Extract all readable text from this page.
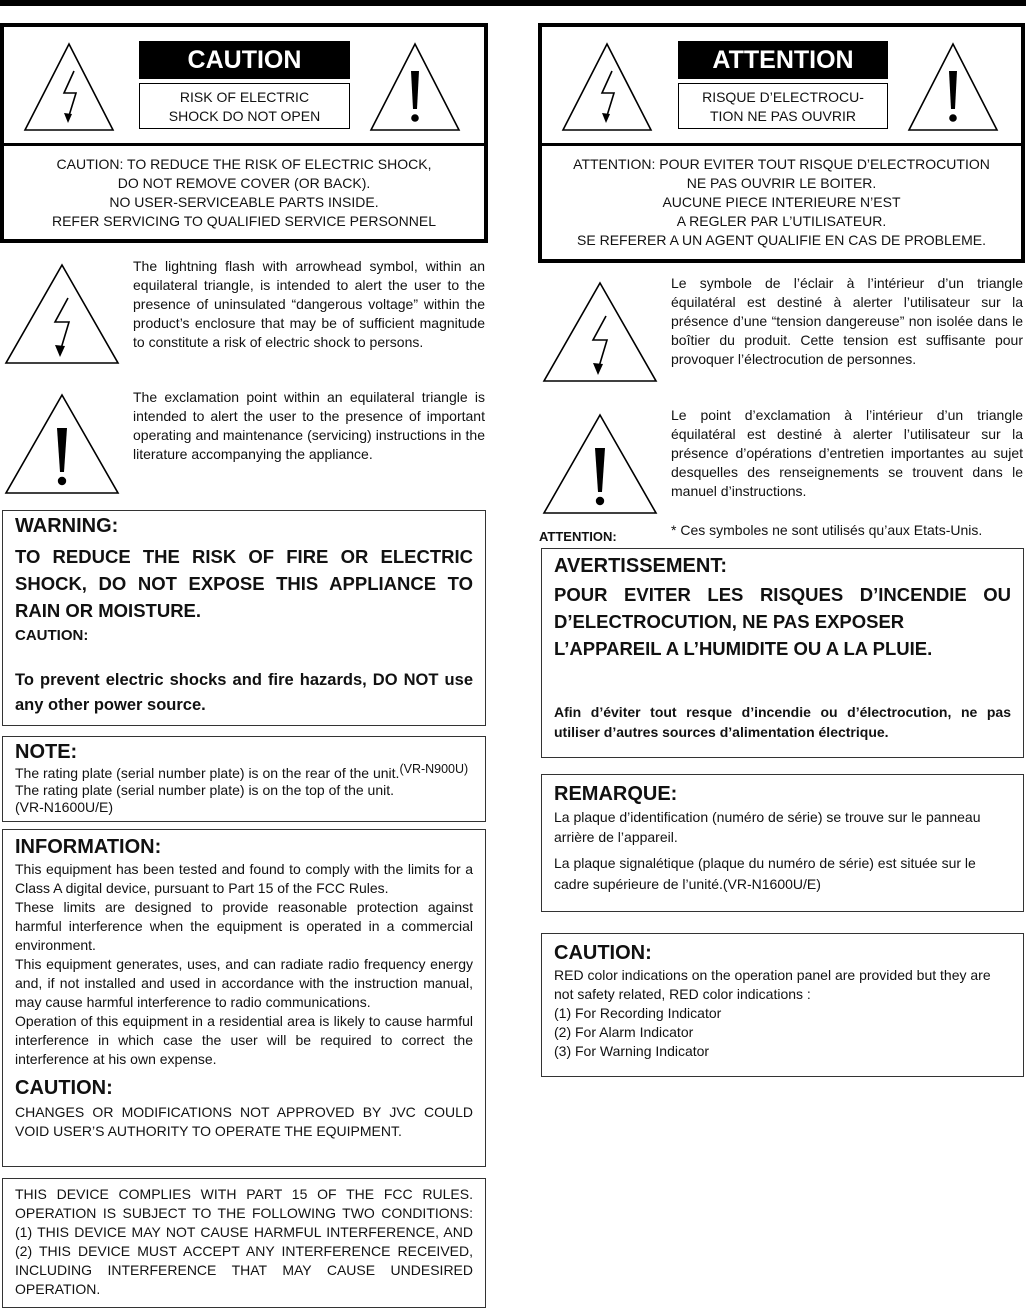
CAUTION
RISK OF ELECTRIC
SHOCK DO NOT OPEN
CAUTION: TO REDUCE THE RISK OF ELECTRIC SHOCK,
DO NOT REMOVE COVER (OR BACK).
NO USER-SERVICEABLE PARTS INSIDE.
REFER SERVICING TO QUALIFIED SERVICE PERSONNEL
The lightning flash with arrowhead symbol, within an equilateral triangle, is intended to alert the user to the presence of uninsulated “dangerous voltage” within the product’s enclosure that may be of sufficient magnitude to constitute a risk of electric shock to persons.
The exclamation point within an equilateral triangle is intended to alert the user to the presence of important operating and maintenance (servicing) instructions in the literature accompanying the appliance.
WARNING:
TO REDUCE THE RISK OF FIRE OR ELECTRIC SHOCK, DO NOT EXPOSE THIS APPLIANCE TO RAIN OR MOISTURE.
CAUTION:
To prevent electric shocks and fire hazards, DO NOT use any other power source.
NOTE:
The rating plate (serial number plate) is on the rear of the unit.(VR-N900U)
The rating plate (serial number plate) is on the top of the unit.
(VR-N1600U/E)
INFORMATION:

This equipment has been tested and found to comply with the limits for a Class A digital device, pursuant to Part 15 of the FCC Rules.

These limits are designed to provide reasonable protection against harmful interference when the equipment is operated in a commercial environment.

This equipment generates, uses, and can radiate radio frequency energy and, if not installed and used in accordance with the instruction manual, may cause harmful interference to radio communications.

Operation of this equipment in a residential area is likely to cause harmful interference in which case the user will be required to correct the interference at his own expense.

CAUTION:

CHANGES OR MODIFICATIONS NOT APPROVED BY JVC COULD VOID USER’S AUTHORITY TO OPERATE THE EQUIPMENT.

THIS DEVICE COMPLIES WITH PART 15 OF THE FCC RULES. OPERATION IS SUBJECT TO THE FOLLOWING TWO CONDITIONS: (1) THIS DEVICE MAY NOT CAUSE HARMFUL INTERFERENCE, AND (2) THIS DEVICE MUST ACCEPT ANY INTERFERENCE RECEIVED, INCLUDING INTERFERENCE THAT MAY CAUSE UNDESIRED OPERATION.
ATTENTION
RISQUE D’ELECTROCU-
TION NE PAS OUVRIR
ATTENTION: POUR EVITER TOUT RISQUE D’ELECTROCUTION
NE PAS OUVRIR LE BOITER.
AUCUNE PIECE INTERIEURE N’EST
A REGLER PAR L’UTILISATEUR.
SE REFERER A UN AGENT QUALIFIE EN CAS DE PROBLEME.
Le symbole de l’éclair à l’intérieur d’un triangle équilatéral est destiné à alerter l’utilisateur sur la présence d’une “tension dangereuse” non isolée dans le boîtier du produit. Cette tension est suffisante pour provoquer l’électrocution de personnes.
Le point d’exclamation à l’intérieur d’un triangle équilatéral est destiné à alerter l’utilisateur sur la présence d’opérations d’entretien importantes au sujet desquelles des renseignements se trouvent dans le manuel d’instructions.
ATTENTION:	* Ces symboles ne sont utilisés qu’aux Etats-Unis.
AVERTISSEMENT:
POUR EVITER LES RISQUES D’INCENDIE OU
D’ELECTROCUTION, NE PAS EXPOSER
L’APPAREIL A L’HUMIDITE OU A LA PLUIE.
Afin d’éviter tout resque d’incendie ou d’électrocution, ne pas utiliser d’autres sources d’alimentation électrique.
REMARQUE:

La plaque d’identification (numéro de série) se trouve sur le panneau arrière de l’appareil.

La plaque signalétique (plaque du numéro de série) est située sur le cadre supérieure de l’unité.(VR-N1600U/E)

CAUTION:
RED color indications on the operation panel are provided but they are not safety related, RED color indications :
(1) For Recording Indicator
(2) For Alarm Indicator
(3) For Warning Indicator
